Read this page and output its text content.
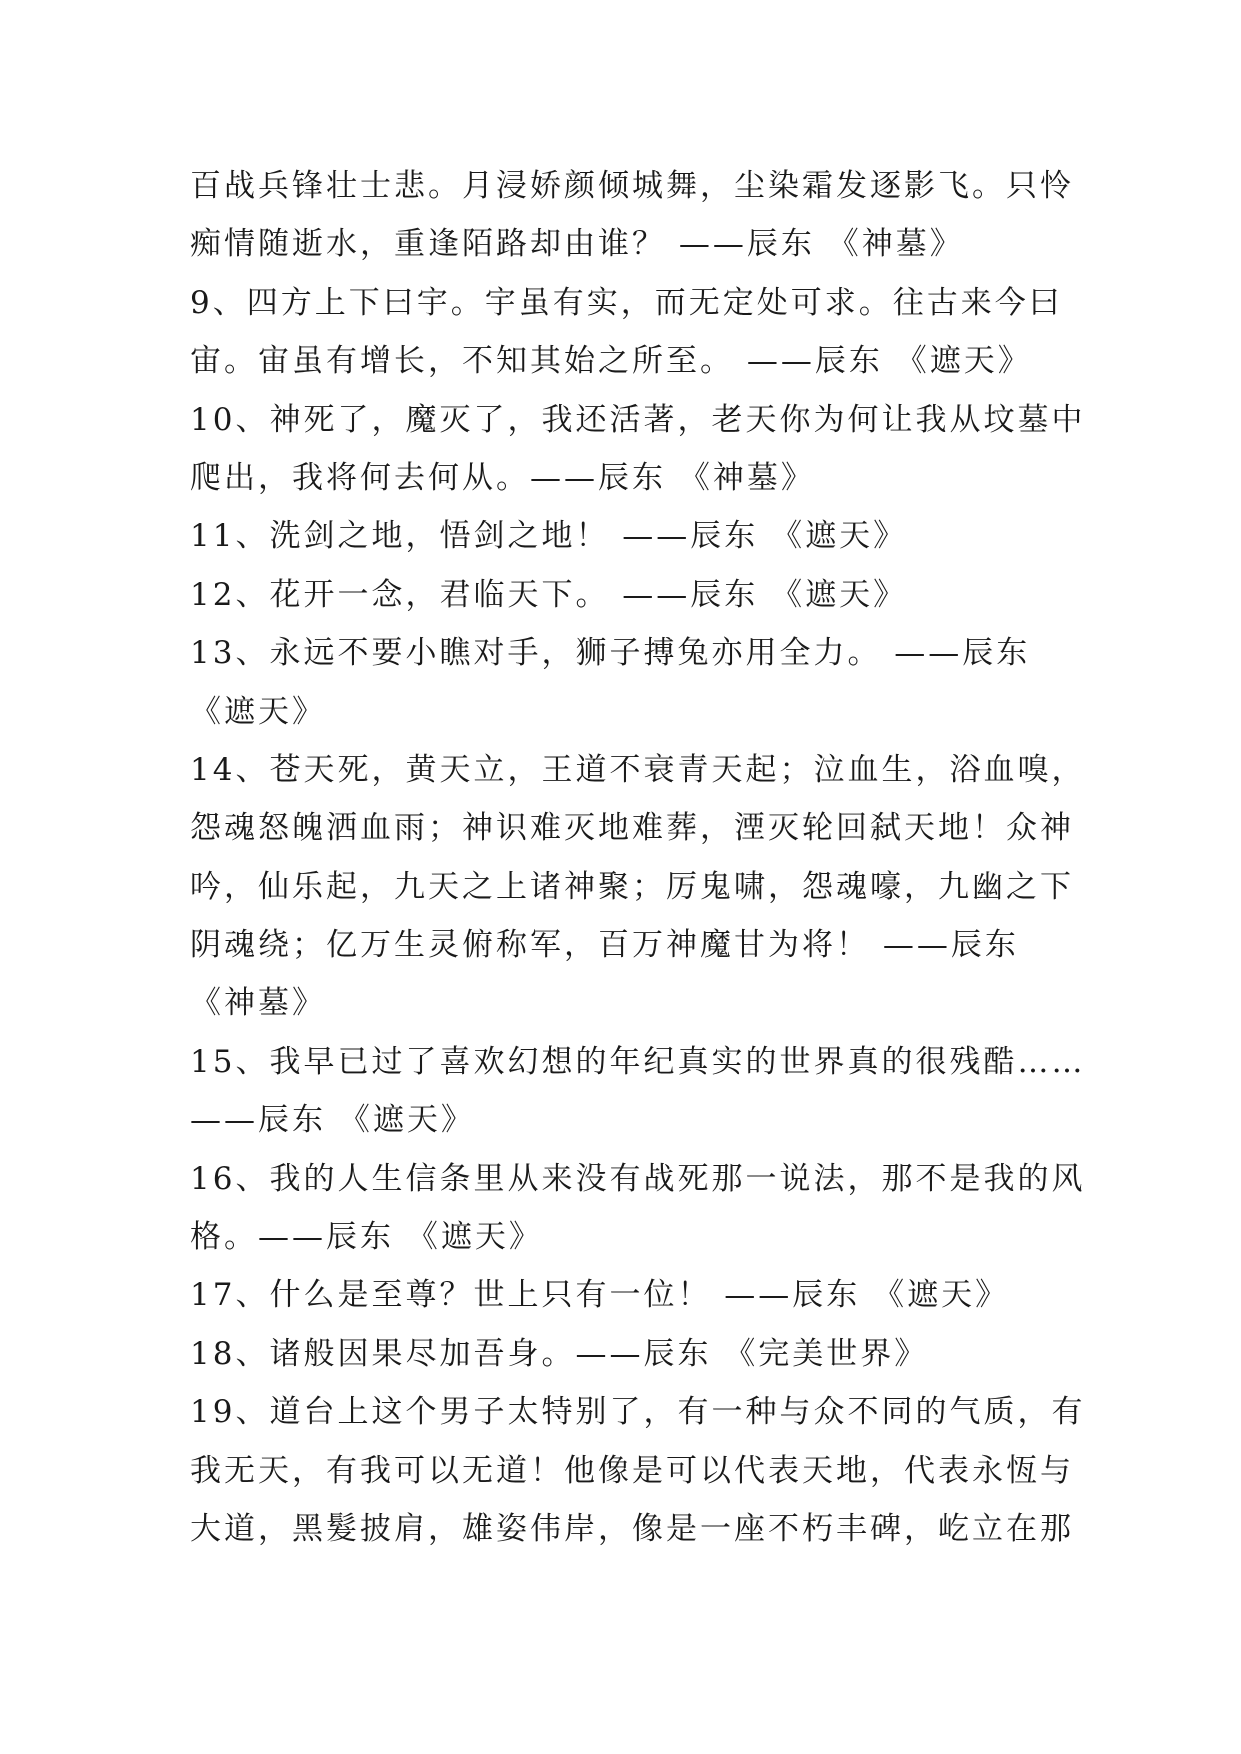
百战兵锋壮士悲。月浸娇颜倾城舞，尘染霜发逐影飞。只怜
痴情随逝水，重逢陌路却由谁？ ——辰东 《神墓》
9、四方上下曰宇。宇虽有实，而无定处可求。往古来今曰
宙。宙虽有增长，不知其始之所至。 ——辰东 《遮天》
10、神死了，魔灭了，我还活著，老天你为何让我从坟墓中
爬出，我将何去何从。——辰东 《神墓》
11、洗剑之地，悟剑之地！ ——辰东 《遮天》
12、花开一念，君临天下。 ——辰东 《遮天》
13、永远不要小瞧对手，狮子搏兔亦用全力。 ——辰东
《遮天》
14、苍天死，黄天立，王道不衰青天起；泣血生，浴血嗅，
怨魂怒魄洒血雨；神识难灭地难葬，湮灭轮回弑天地！众神
吟，仙乐起，九天之上诸神聚；厉鬼啸，怨魂嚎，九幽之下
阴魂绕；亿万生灵俯称军，百万神魔甘为将！ ——辰东
《神墓》
15、我早已过了喜欢幻想的年纪真实的世界真的很残酷……
——辰东 《遮天》
16、我的人生信条里从来没有战死那一说法，那不是我的风
格。——辰东 《遮天》
17、什么是至尊？世上只有一位！ ——辰东 《遮天》
18、诸般因果尽加吾身。——辰东 《完美世界》
19、道台上这个男子太特别了，有一种与众不同的气质，有
我无天，有我可以无道！他像是可以代表天地，代表永恆与
大道，黑髮披肩，雄姿伟岸，像是一座不朽丰碑，屹立在那
